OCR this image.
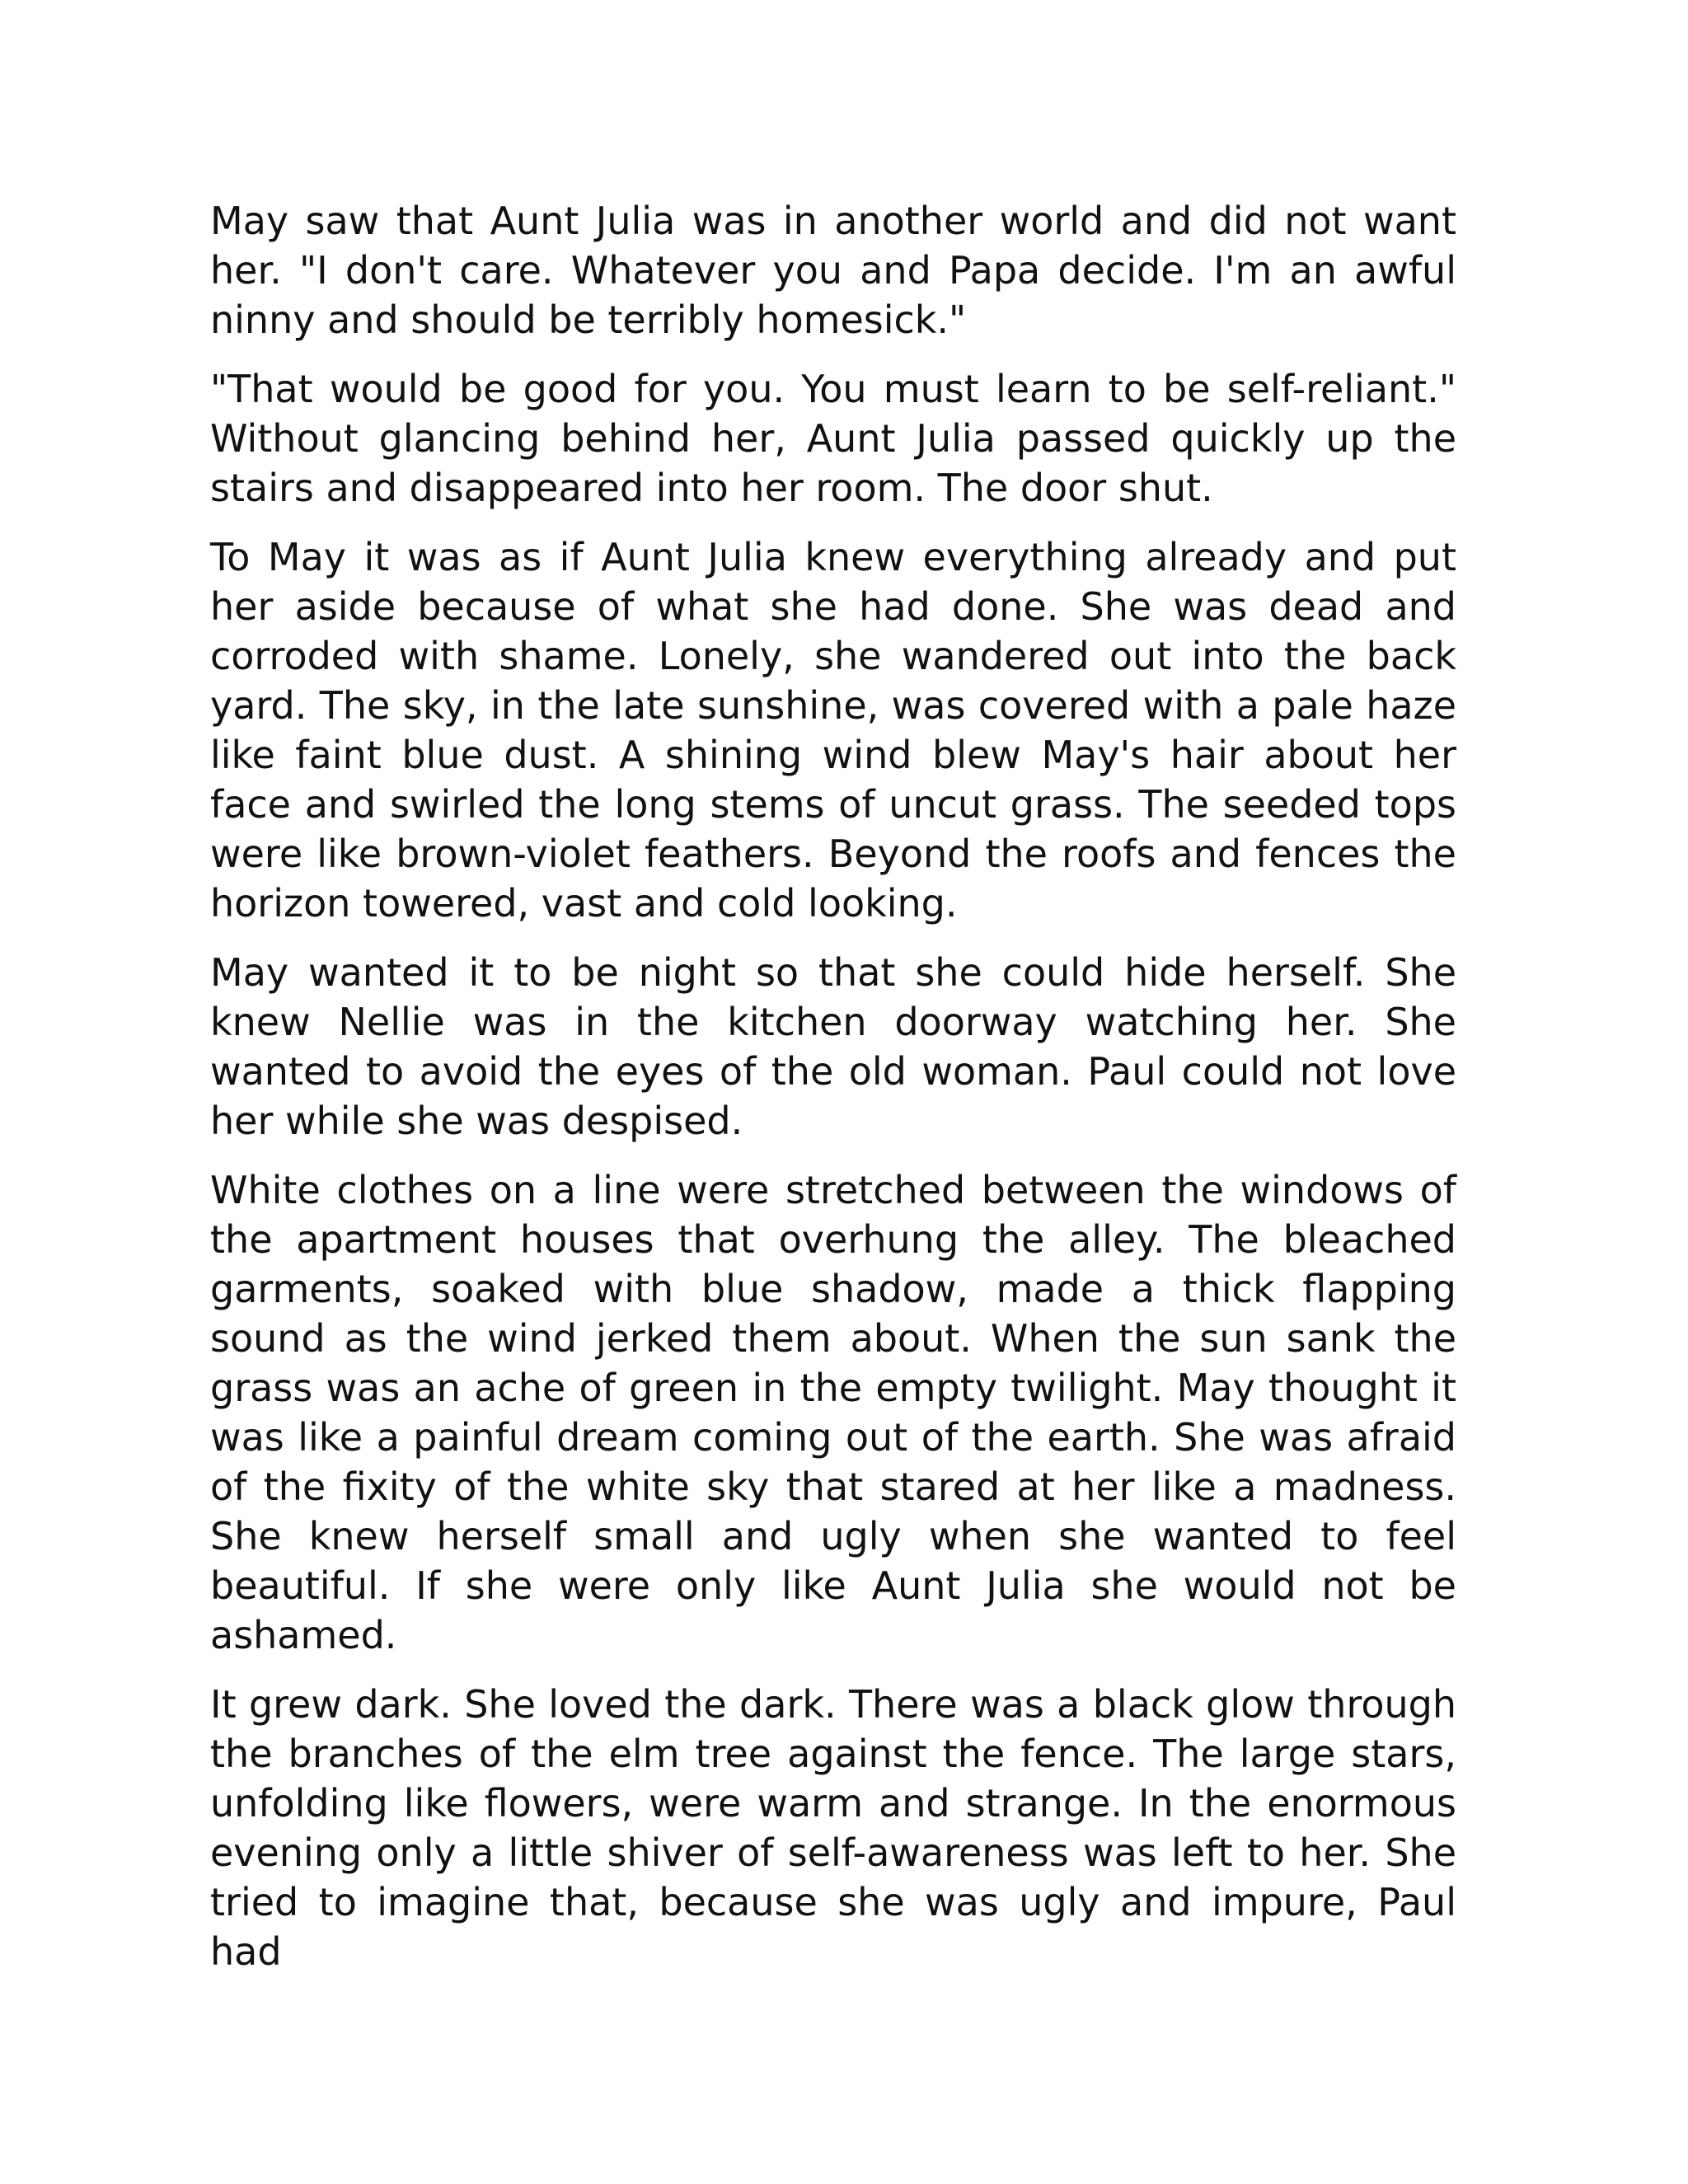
May saw that Aunt Julia was in another world and did not want her. "I don't care. Whatever you and Papa decide. I'm an awful ninny and should be terribly homesick."

"That would be good for you. You must learn to be self-reliant." Without glancing behind her, Aunt Julia passed quickly up the stairs and disappeared into her room. The door shut.

To May it was as if Aunt Julia knew everything already and put her aside because of what she had done. She was dead and corroded with shame. Lonely, she wandered out into the back yard. The sky, in the late sunshine, was covered with a pale haze like faint blue dust. A shining wind blew May's hair about her face and swirled the long stems of uncut grass. The seeded tops were like brown-violet feathers. Beyond the roofs and fences the horizon towered, vast and cold looking.

May wanted it to be night so that she could hide herself. She knew Nellie was in the kitchen doorway watching her. She wanted to avoid the eyes of the old woman. Paul could not love her while she was despised.

White clothes on a line were stretched between the windows of the apartment houses that overhung the alley. The bleached garments, soaked with blue shadow, made a thick flapping sound as the wind jerked them about. When the sun sank the grass was an ache of green in the empty twilight. May thought it was like a painful dream coming out of the earth. She was afraid of the fixity of the white sky that stared at her like a madness. She knew herself small and ugly when she wanted to feel beautiful. If she were only like Aunt Julia she would not be ashamed.

It grew dark. She loved the dark. There was a black glow through the branches of the elm tree against the fence. The large stars, unfolding like flowers, were warm and strange. In the enormous evening only a little shiver of self-awareness was left to her. She tried to imagine that, because she was ugly and impure, Paul had
